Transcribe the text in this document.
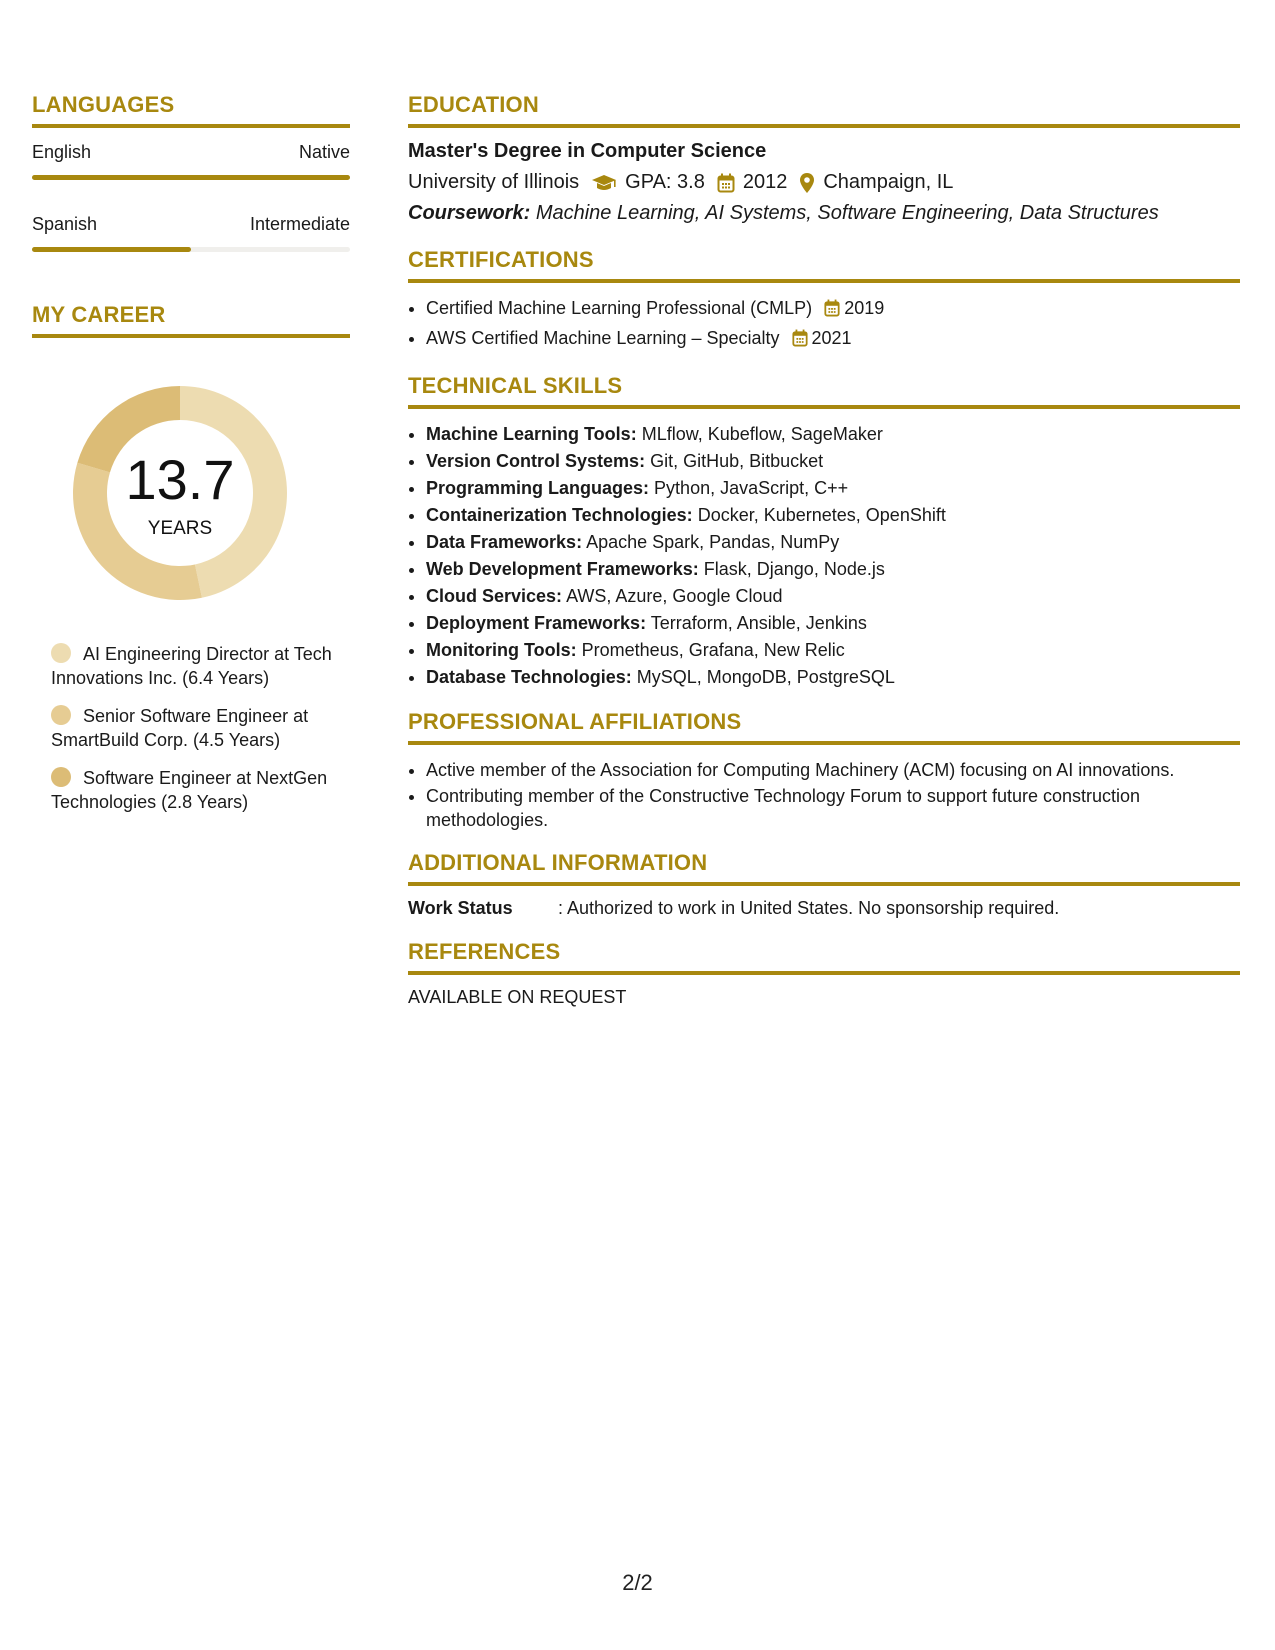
LANGUAGES
English	Native
Spanish	Intermediate
MY CAREER
13.7
YEARS
AI Engineering Director at Tech Innovations Inc. (6.4 Years)
Senior Software Engineer at SmartBuild Corp. (4.5 Years)
Software Engineer at NextGen Technologies (2.8 Years)
EDUCATION
Master's Degree in Computer Science
University of Illinois GPA: 3.8 2012 Champaign, IL
Coursework: Machine Learning, AI Systems, Software Engineering, Data Structures
CERTIFICATIONS
• Certified Machine Learning Professional (CMLP) 2019
• AWS Certified Machine Learning – Specialty 2021
TECHNICAL SKILLS
• Machine Learning Tools: MLflow, Kubeflow, SageMaker
• Version Control Systems: Git, GitHub, Bitbucket
• Programming Languages: Python, JavaScript, C++
• Containerization Technologies: Docker, Kubernetes, OpenShift
• Data Frameworks: Apache Spark, Pandas, NumPy
• Web Development Frameworks: Flask, Django, Node.js
• Cloud Services: AWS, Azure, Google Cloud
• Deployment Frameworks: Terraform, Ansible, Jenkins
• Monitoring Tools: Prometheus, Grafana, New Relic
• Database Technologies: MySQL, MongoDB, PostgreSQL
PROFESSIONAL AFFILIATIONS
• Active member of the Association for Computing Machinery (ACM) focusing on AI innovations.
• Contributing member of the Constructive Technology Forum to support future construction methodologies.
ADDITIONAL INFORMATION
Work Status	: Authorized to work in United States. No sponsorship required.
REFERENCES
AVAILABLE ON REQUEST
2/2
